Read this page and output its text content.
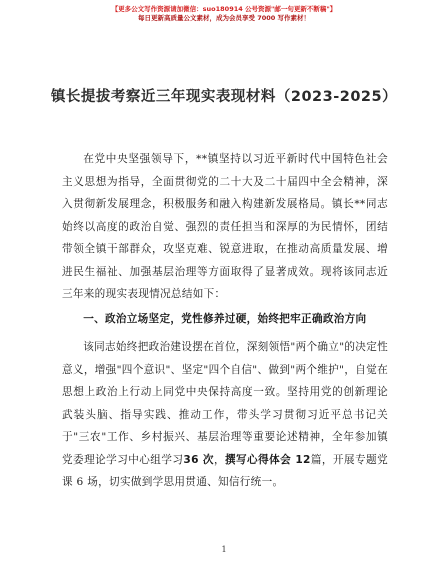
【更多公文写作资源请加微信：suo180914 公号资源"邮一句更新不断稿"】
每日更新高质量公文素材，成为会员享受 7000 写作素材！
镇长提拔考察近三年现实表现材料（2023-2025）

在党中央坚强领导下，**镇坚持以习近平新时代中国特色社会主义思想为指导，全面贯彻党的二十大及二十届四中全会精神，深入贯彻新发展理念，积极服务和融入构建新发展格局。镇长**同志始终以高度的政治自觉、强烈的责任担当和深厚的为民情怀，团结带领全镇干部群众，攻坚克难、锐意进取，在推动高质量发展、增进民生福祉、加强基层治理等方面取得了显著成效。现将该同志近三年来的现实表现情况总结如下：

一、政治立场坚定，党性修养过硬，始终把牢正确政治方向

该同志始终把政治建设摆在首位，深刻领悟"两个确立"的决定性意义，增强"四个意识"、坚定"四个自信"、做到"两个维护"，自觉在思想上政治上行动上同党中央保持高度一致。坚持用党的创新理论武装头脑、指导实践、推动工作，带头学习贯彻习近平总书记关于"三农"工作、乡村振兴、基层治理等重要论述精神，全年参加镇党委理论学习中心组学习36 次，撰写心得体会 12篇，开展专题党课 6 场，切实做到学思用贯通、知信行统一。

1
